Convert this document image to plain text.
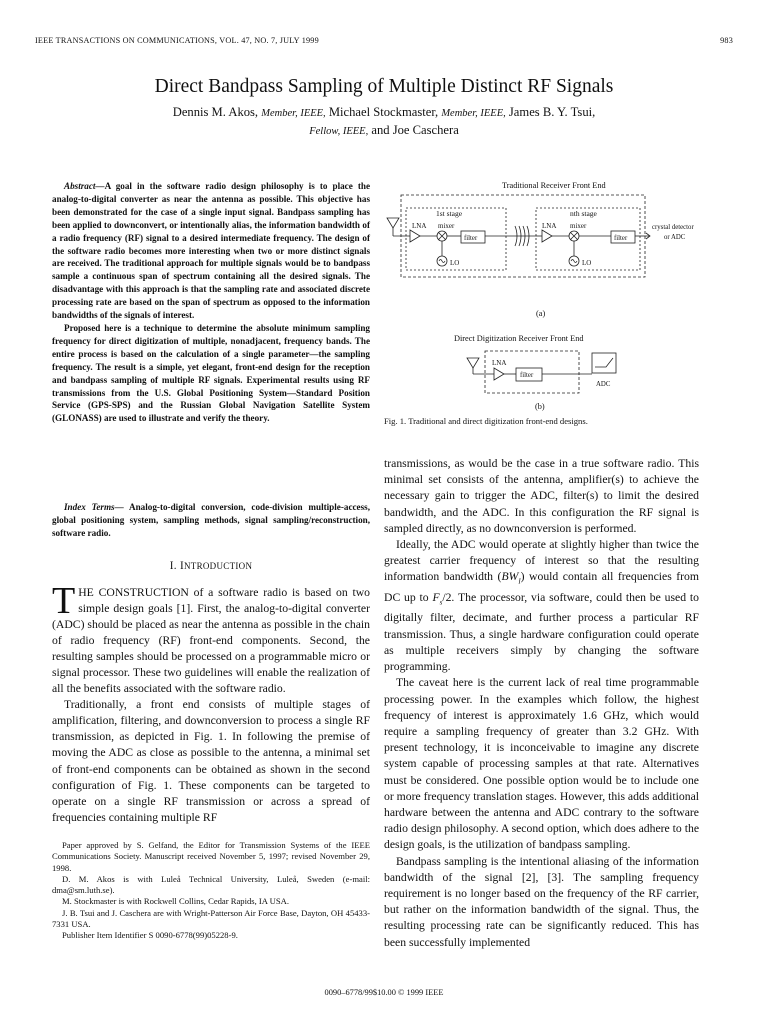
IEEE TRANSACTIONS ON COMMUNICATIONS, VOL. 47, NO. 7, JULY 1999	983
Direct Bandpass Sampling of Multiple Distinct RF Signals
Dennis M. Akos, Member, IEEE, Michael Stockmaster, Member, IEEE, James B. Y. Tsui, Fellow, IEEE, and Joe Caschera

Abstract—A goal in the software radio design philosophy is to place the analog-to-digital converter as near the antenna as possible. This objective has been demonstrated for the case of a single input signal. Bandpass sampling has been applied to downconvert, or intentionally alias, the information bandwidth of a radio frequency (RF) signal to a desired intermediate frequency. The design of the software radio becomes more interesting when two or more distinct signals are received. The traditional approach for multiple signals would be to bandpass sample a continuous span of spectrum containing all the desired signals. The disadvantage with this approach is that the sampling rate and associated discrete processing rate are based on the span of spectrum as opposed to the information bandwidths of the signals of interest.

Proposed here is a technique to determine the absolute minimum sampling frequency for direct digitization of multiple, nonadjacent, frequency bands. The entire process is based on the calculation of a single parameter—the sampling frequency. The result is a simple, yet elegant, front-end design for the reception and bandpass sampling of multiple RF signals. Experimental results using RF transmissions from the U.S. Global Positioning System—Standard Position Service (GPS-SPS) and the Russian Global Navigation Satellite System (GLONASS) are used to illustrate and verify the theory.

Index Terms— Analog-to-digital conversion, code-division multiple-access, global positioning system, sampling methods, signal sampling/reconstruction, software radio.
I. INTRODUCTION

THE CONSTRUCTION of a software radio is based on two simple design goals [1]. First, the analog-to-digital converter (ADC) should be placed as near the antenna as possible in the chain of radio frequency (RF) front-end components. Second, the resulting samples should be processed on a programmable micro or signal processor. These two guidelines will enable the realization of all the benefits associated with the software radio.

Traditionally, a front end consists of multiple stages of amplification, filtering, and downconversion to process a single RF transmission, as depicted in Fig. 1. In following the premise of moving the ADC as close as possible to the antenna, a minimal set of front-end components can be obtained as shown in the second configuration of Fig. 1. These components can be targeted to operate on a single RF transmission or across a spread of frequencies containing multiple RF

Paper approved by S. Gelfand, the Editor for Transmission Systems of the IEEE Communications Society. Manuscript received November 5, 1997; revised November 29, 1998.

D. M. Akos is with Luleå Technical University, Luleå, Sweden (e-mail: dma@sm.luth.se).

M. Stockmaster is with Rockwell Collins, Cedar Rapids, IA USA.

J. B. Tsui and J. Caschera are with Wright-Patterson Air Force Base, Dayton, OH 45433-7331 USA.

Publisher Item Identifier S 0090-6778(99)05228-9.

Traditional Receiver Front End
1st stage	nth stage
LNA mixer
filter
LO
LNA mixer
filter
LO
crystal detector
or ADC
(a)
Direct Digitization Receiver Front End
LNA
filter
ADC
(b)
Fig. 1. Traditional and direct digitization front-end designs.

transmissions, as would be the case in a true software radio. This minimal set consists of the antenna, amplifier(s) to achieve the necessary gain to trigger the ADC, filter(s) to limit the desired bandwidth, and the ADC. In this configuration the RF signal is sampled directly, as no downconversion is performed.

Ideally, the ADC would operate at slightly higher than twice the greatest carrier frequency of interest so that the resulting information bandwidth $(BW_I)$ would contain all frequencies from DC up to $F_s/2$. The processor, via software, could then be used to digitally filter, decimate, and further process a particular RF transmission. Thus, a single hardware configuration could operate as multiple receivers simply by changing the software programming.

The caveat here is the current lack of real time programmable processing power. In the examples which follow, the highest frequency of interest is approximately 1.6 GHz, which would require a sampling frequency of greater than 3.2 GHz. With present technology, it is inconceivable to imagine any discrete system capable of processing samples at that rate. Alternatives must be considered. One possible option would be to include one or more frequency translation stages. However, this adds additional hardware between the antenna and ADC contrary to the software radio design philosophy. A second option, which does adhere to the design goals, is the utilization of bandpass sampling.

Bandpass sampling is the intentional aliasing of the information bandwidth of the signal [2], [3]. The sampling frequency requirement is no longer based on the frequency of the RF carrier, but rather on the information bandwidth of the signal. Thus, the resulting processing rate can be significantly reduced. This has been successfully implemented

0090–6778/99$10.00 © 1999 IEEE
